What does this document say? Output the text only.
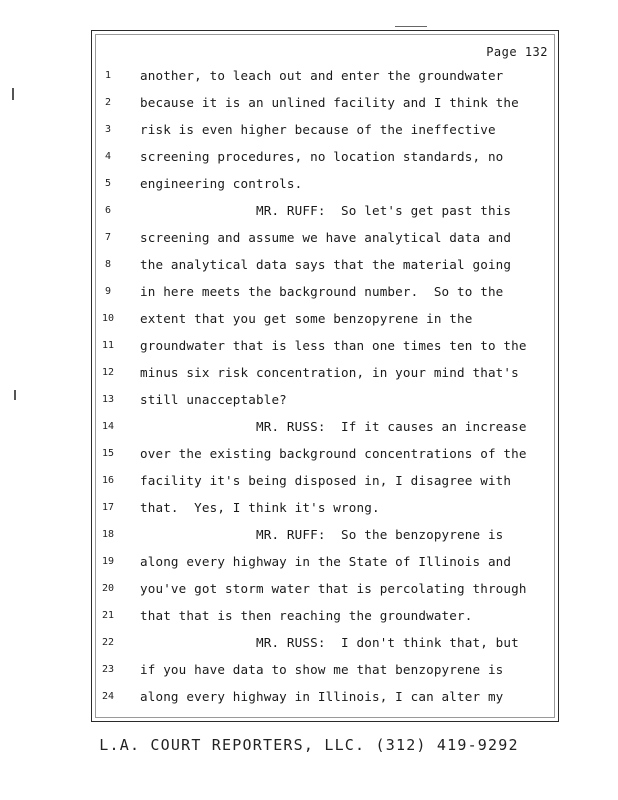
Page 132
1
2
3
4
5
6
7
8
9
10
11
12
13
14
15
16
17
18
19
20
21
22
23
24
another, to leach out and enter the groundwater
because it is an unlined facility and I think the
risk is even higher because of the ineffective
screening procedures, no location standards, no
engineering controls.
MR. RUFF:  So let's get past this
screening and assume we have analytical data and
the analytical data says that the material going
in here meets the background number.  So to the
extent that you get some benzopyrene in the
groundwater that is less than one times ten to the
minus six risk concentration, in your mind that's
still unacceptable?
MR. RUSS:  If it causes an increase
over the existing background concentrations of the
facility it's being disposed in, I disagree with
that.  Yes, I think it's wrong.
MR. RUFF:  So the benzopyrene is
along every highway in the State of Illinois and
you've got storm water that is percolating through
that that is then reaching the groundwater.
MR. RUSS:  I don't think that, but
if you have data to show me that benzopyrene is
along every highway in Illinois, I can alter my
L.A. COURT REPORTERS, LLC. (312) 419-9292
